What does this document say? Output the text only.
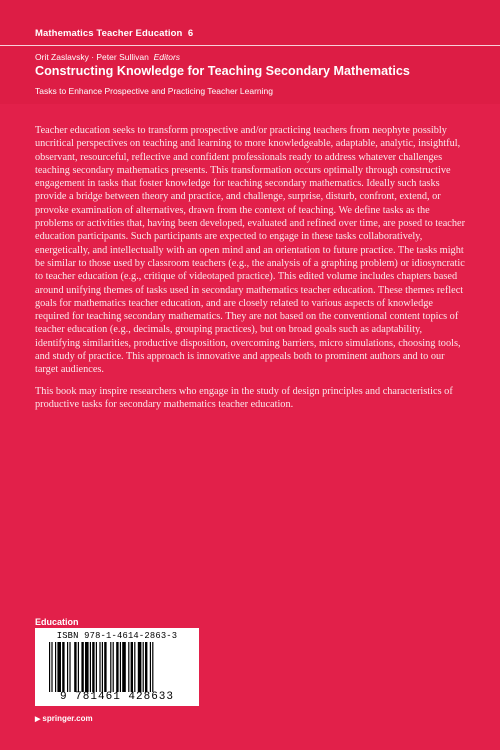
Mathematics Teacher Education 6
Orit Zaslavsky · Peter Sullivan Editors
Constructing Knowledge for Teaching Secondary Mathematics
Tasks to Enhance Prospective and Practicing Teacher Learning

Teacher education seeks to transform prospective and/or practicing teachers from neophyte possibly uncritical perspectives on teaching and learning to more knowledgeable, adaptable, analytic, insightful, observant, resourceful, reflective and confident professionals ready to address whatever challenges teaching secondary mathematics presents. This transformation occurs optimally through constructive engagement in tasks that foster knowledge for teaching secondary mathematics. Ideally such tasks provide a bridge between theory and practice, and challenge, surprise, disturb, confront, extend, or provoke examination of alternatives, drawn from the context of teaching. We define tasks as the problems or activities that, having been developed, evaluated and refined over time, are posed to teacher education participants. Such participants are expected to engage in these tasks collaboratively, energetically, and intellectually with an open mind and an orientation to future practice. The tasks might be similar to those used by classroom teachers (e.g., the analysis of a graphing problem) or idiosyncratic to teacher education (e.g., critique of videotaped practice). This edited volume includes chapters based around unifying themes of tasks used in secondary mathematics teacher education. These themes reflect goals for mathematics teacher education, and are closely related to various aspects of knowledge required for teaching secondary mathematics. They are not based on the conventional content topics of teacher education (e.g., decimals, grouping practices), but on broad goals such as adaptability, identifying similarities, productive disposition, overcoming barriers, micro simulations, choosing tools, and study of practice. This approach is innovative and appeals both to prominent authors and to our target audiences.

This book may inspire researchers who engage in the study of design principles and characteristics of productive tasks for secondary mathematics teacher education.

Education
ISBN 978-1-4614-2863-3
9 781461 428633
▶ springer.com
